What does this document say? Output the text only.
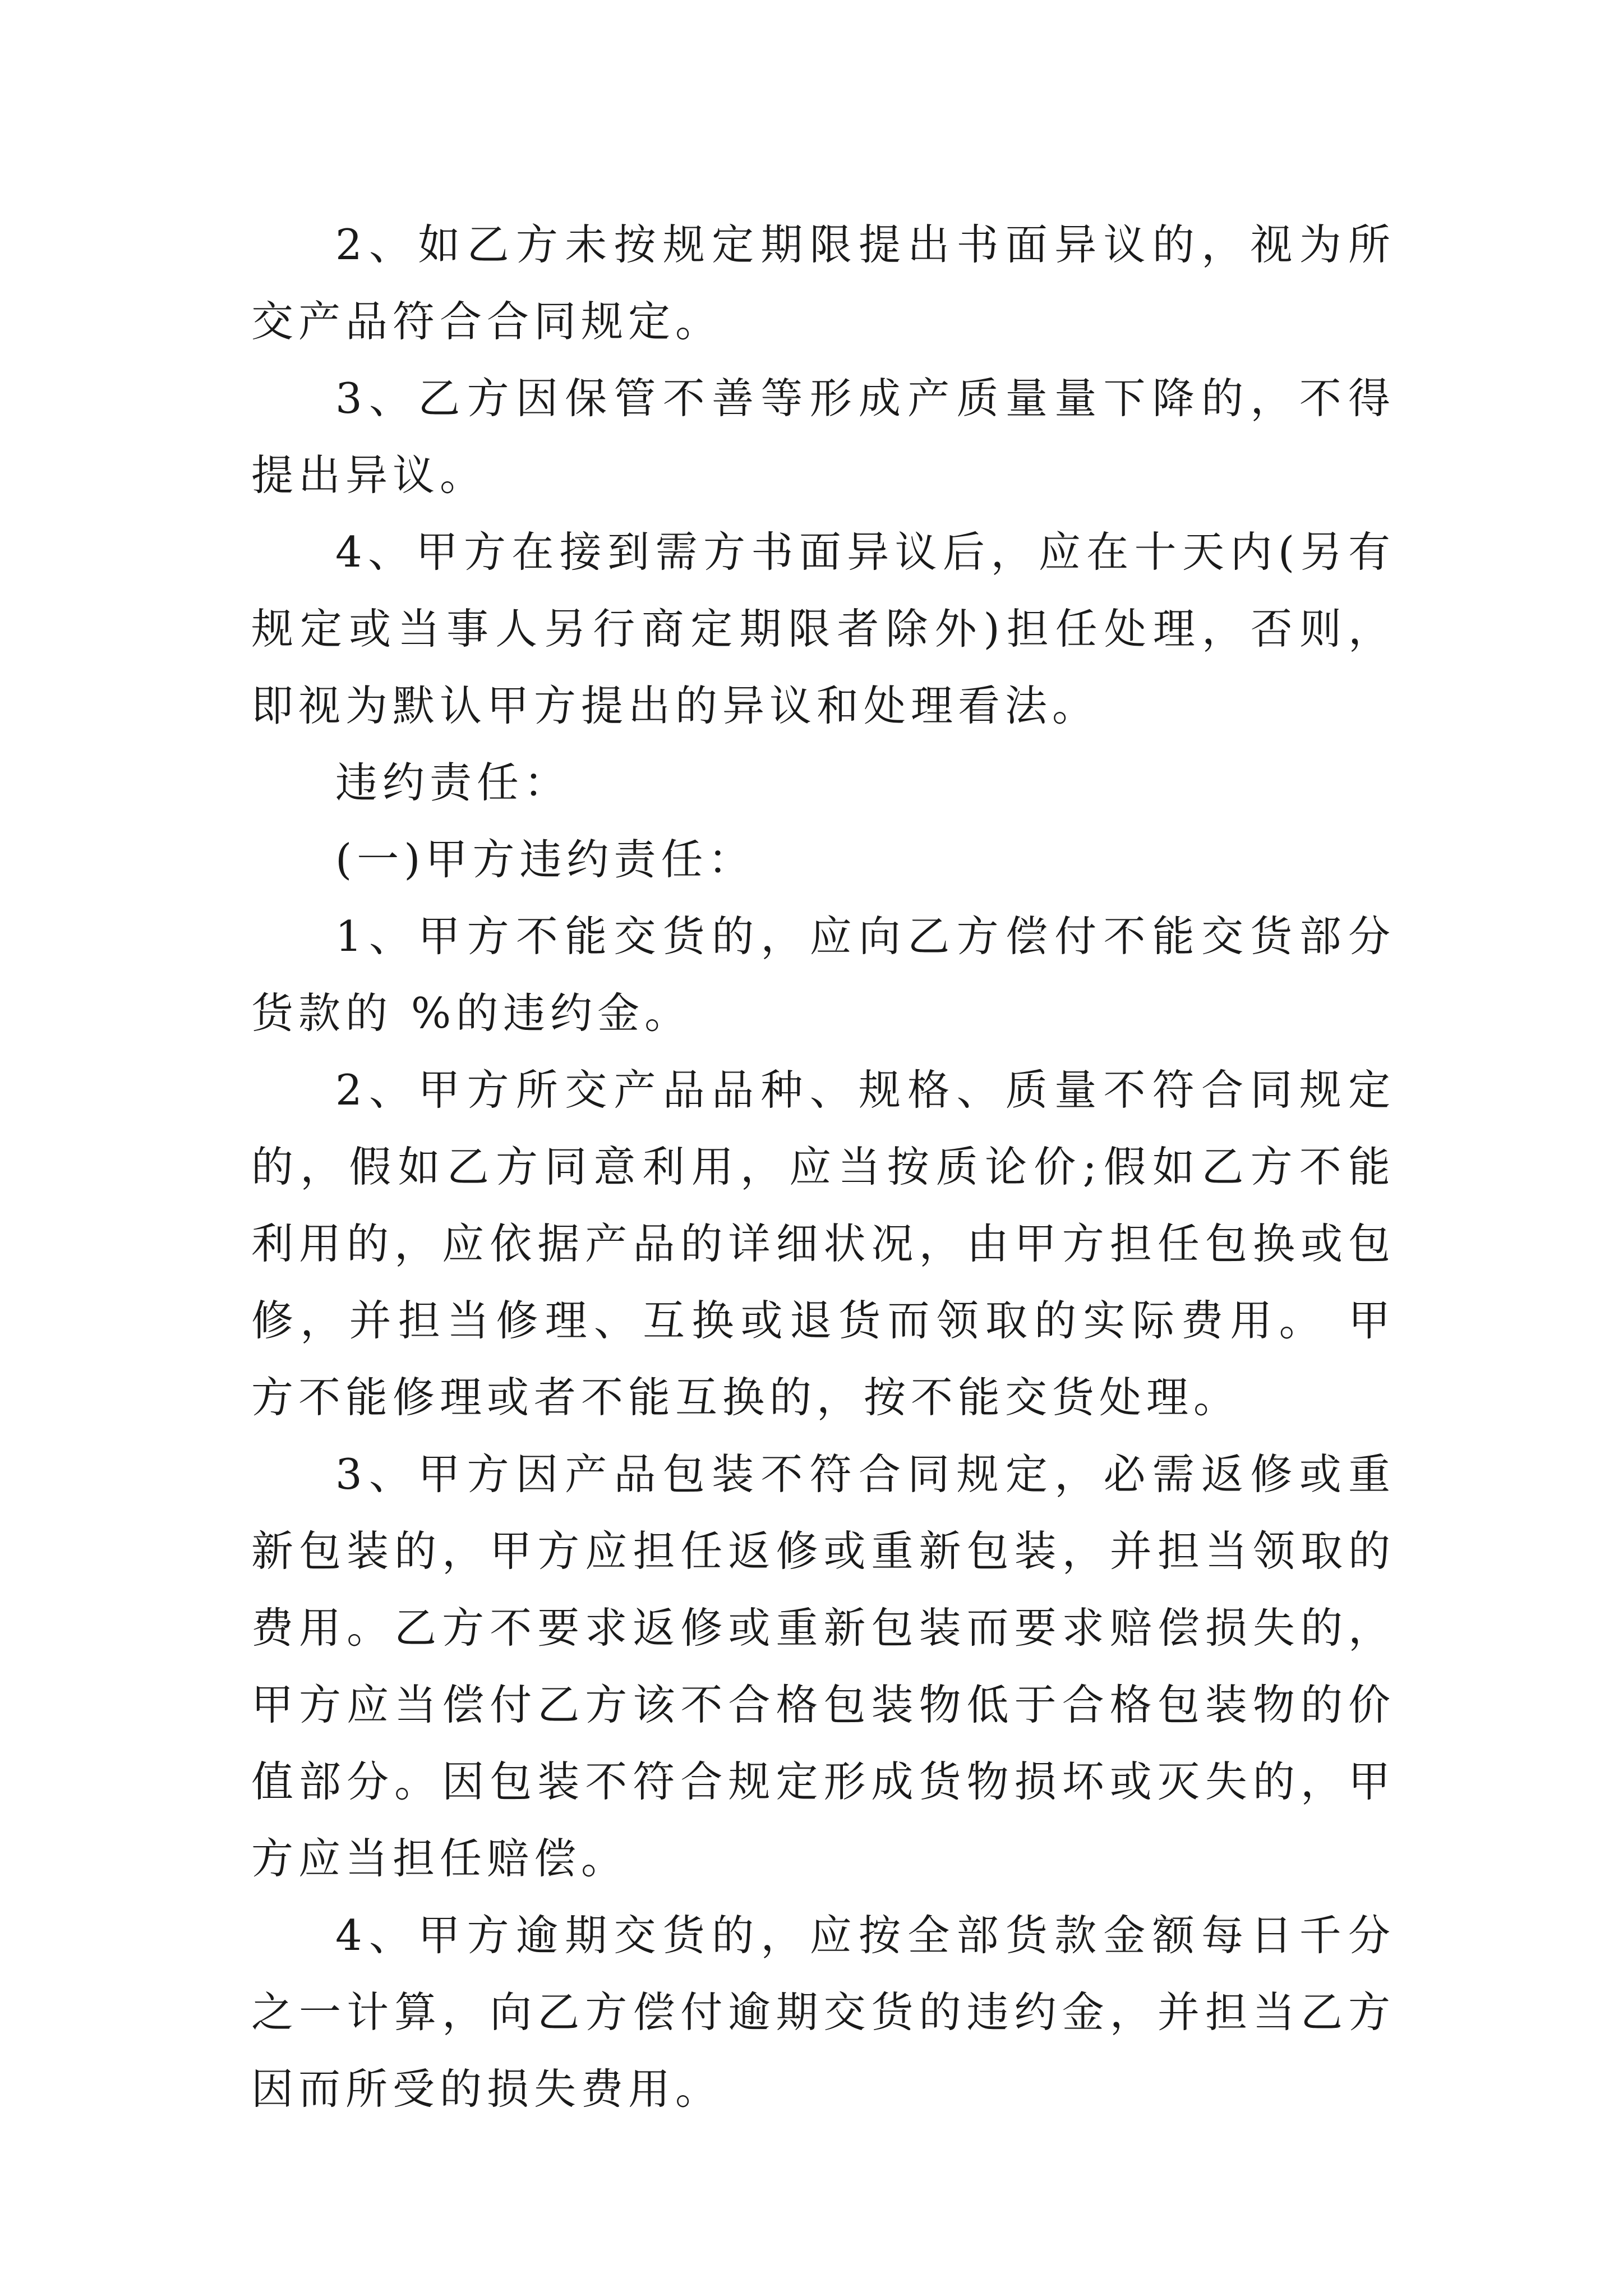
2、如乙方未按规定期限提出书面异议的，视为所交产品符合合同规定。

3、乙方因保管不善等形成产质量量下降的，不得提出异议。

4、甲方在接到需方书面异议后，应在十天内(另有规定或当事人另行商定期限者除外)担任处理，否则，即视为默认甲方提出的异议和处理看法。

违约责任：

(一)甲方违约责任：

1、甲方不能交货的，应向乙方偿付不能交货部分货款的 %的违约金。

2、甲方所交产品品种、规格、质量不符合同规定的，假如乙方同意利用，应当按质论价;假如乙方不能利用的，应依据产品的详细状况，由甲方担任包换或包修，并担当修理、互换或退货而领取的实际费用。 甲方不能修理或者不能互换的，按不能交货处理。

3、甲方因产品包装不符合同规定，必需返修或重新包装的，甲方应担任返修或重新包装，并担当领取的费用。乙方不要求返修或重新包装而要求赔偿损失的，甲方应当偿付乙方该不合格包装物低于合格包装物的价值部分。因包装不符合规定形成货物损坏或灭失的，甲方应当担任赔偿。

4、甲方逾期交货的，应按全部货款金额每日千分之一计算，向乙方偿付逾期交货的违约金，并担当乙方因而所受的损失费用。
